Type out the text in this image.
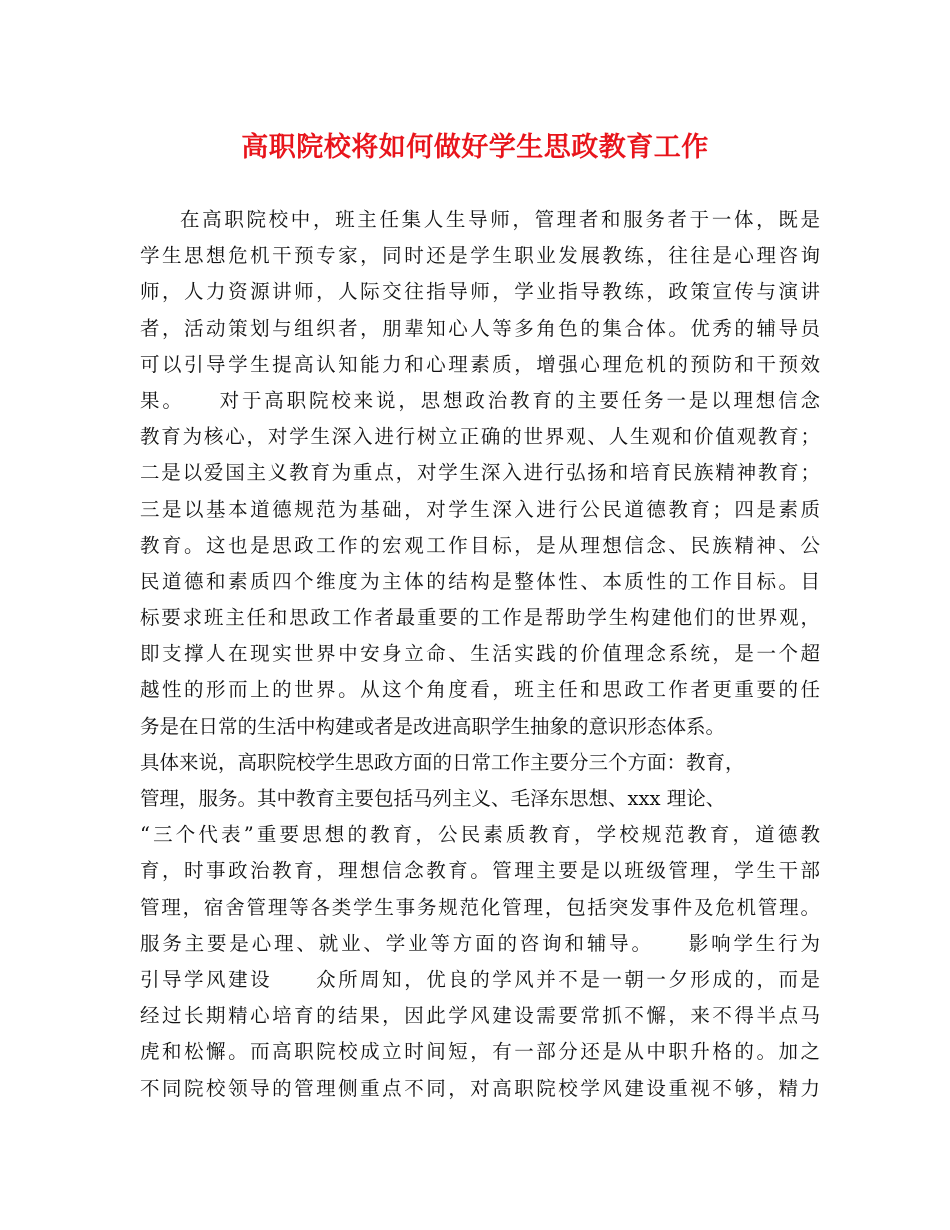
高职院校将如何做好学生思政教育工作
在高职院校中，班主任集人生导师，管理者和服务者于一体，既是
学生思想危机干预专家，同时还是学生职业发展教练，往往是心理咨询
师，人力资源讲师，人际交往指导师，学业指导教练，政策宣传与演讲
者，活动策划与组织者，朋辈知心人等多角色的集合体。优秀的辅导员
可以引导学生提高认知能力和心理素质，增强心理危机的预防和干预效
果。　　对于高职院校来说，思想政治教育的主要任务一是以理想信念
教育为核心，对学生深入进行树立正确的世界观、人生观和价值观教育；
二是以爱国主义教育为重点，对学生深入进行弘扬和培育民族精神教育；
三是以基本道德规范为基础，对学生深入进行公民道德教育；四是素质
教育。这也是思政工作的宏观工作目标，是从理想信念、民族精神、公
民道德和素质四个维度为主体的结构是整体性、本质性的工作目标。目
标要求班主任和思政工作者最重要的工作是帮助学生构建他们的世界观，
即支撑人在现实世界中安身立命、生活实践的价值理念系统，是一个超
越性的形而上的世界。从这个角度看，班主任和思政工作者更重要的任
务是在日常的生活中构建或者是改进高职学生抽象的意识形态体系。
具体来说，高职院校学生思政方面的日常工作主要分三个方面：教育，
管理，服务。其中教育主要包括马列主义、毛泽东思想、xxx 理论、
“三个代表”重要思想的教育，公民素质教育，学校规范教育，道德教
育，时事政治教育，理想信念教育。管理主要是以班级管理，学生干部
管理，宿舍管理等各类学生事务规范化管理，包括突发事件及危机管理。
服务主要是心理、就业、学业等方面的咨询和辅导。　　影响学生行为
引导学风建设　　众所周知，优良的学风并不是一朝一夕形成的，而是
经过长期精心培育的结果，因此学风建设需要常抓不懈，来不得半点马
虎和松懈。而高职院校成立时间短，有一部分还是从中职升格的。加之
不同院校领导的管理侧重点不同，对高职院校学风建设重视不够，精力
